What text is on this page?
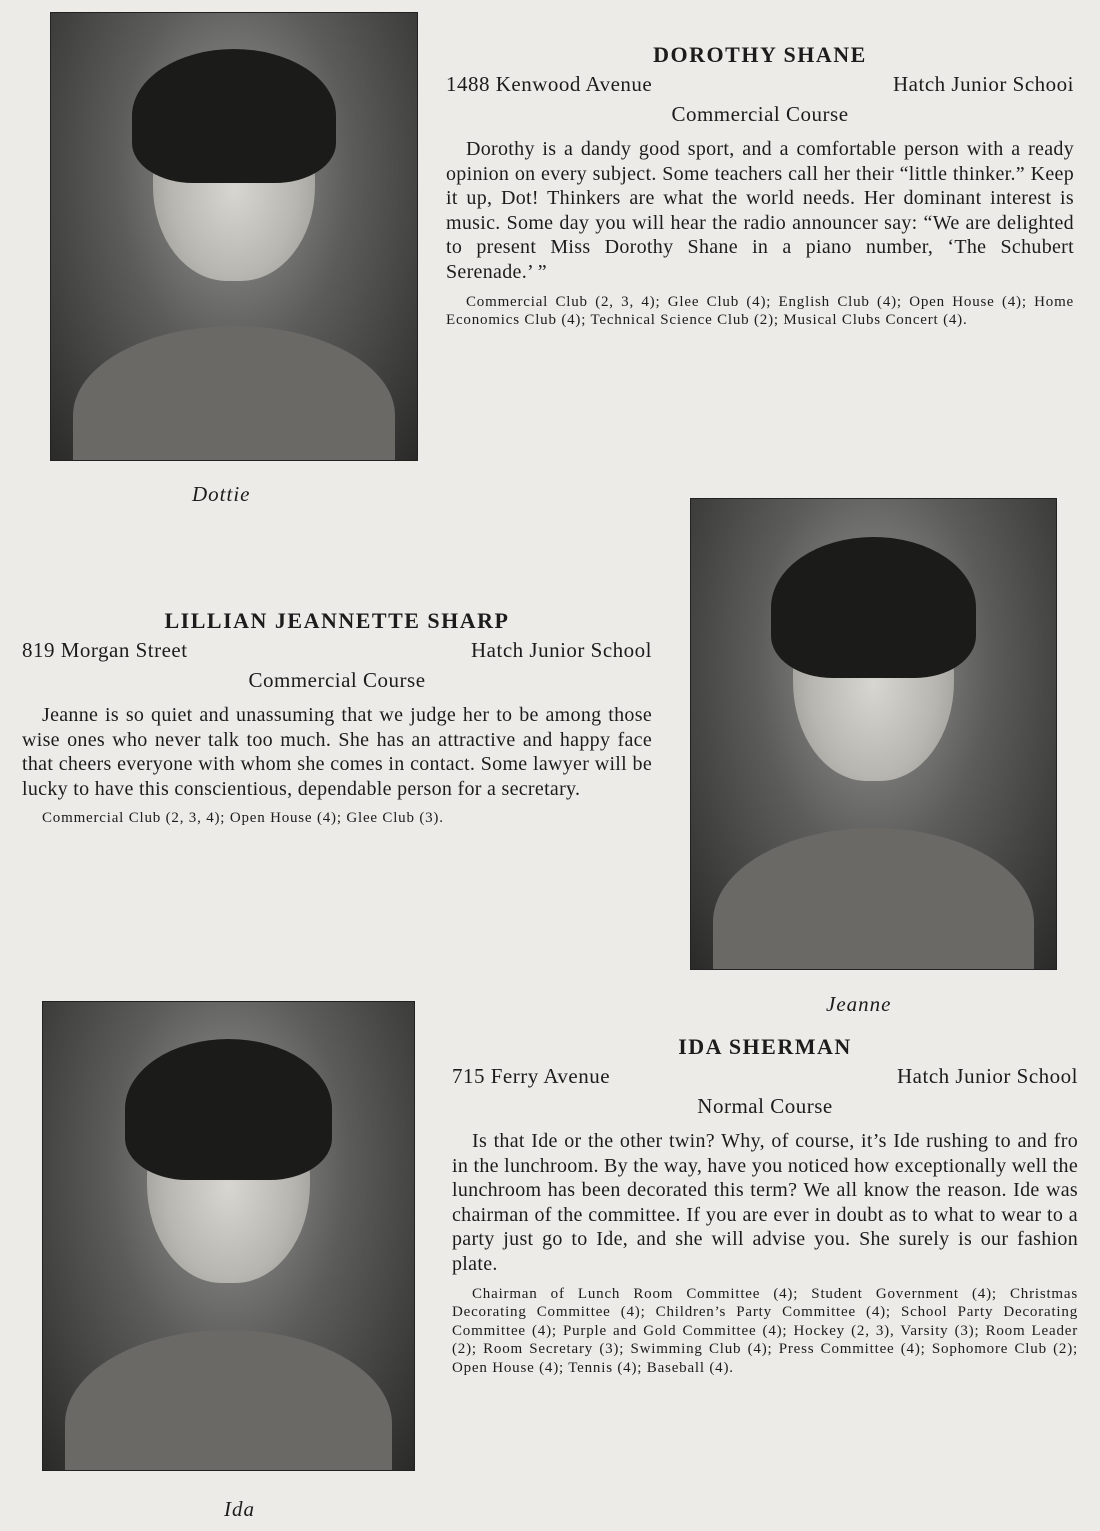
Dottie
DOROTHY SHANE
1488 Kenwood Avenue	Hatch Junior Schooi
Commercial Course

Dorothy is a dandy good sport, and a comfortable person with a ready opinion on every subject. Some teachers call her their “little thinker.” Keep it up, Dot! Thinkers are what the world needs. Her dominant interest is music. Some day you will hear the radio announcer say: “We are delighted to present Miss Dorothy Shane in a piano number, ‘The Schubert Serenade.’ ”

Commercial Club (2, 3, 4); Glee Club (4); English Club (4); Open House (4); Home Economics Club (4); Technical Science Club (2); Musical Clubs Concert (4).

Jeanne
LILLIAN JEANNETTE SHARP
819 Morgan Street	Hatch Junior School
Commercial Course

Jeanne is so quiet and unassuming that we judge her to be among those wise ones who never talk too much. She has an attractive and happy face that cheers everyone with whom she comes in contact. Some lawyer will be lucky to have this conscientious, dependable person for a secretary.

Commercial Club (2, 3, 4); Open House (4); Glee Club (3).

Ida
IDA SHERMAN
715 Ferry Avenue	Hatch Junior School
Normal Course

Is that Ide or the other twin? Why, of course, it’s Ide rushing to and fro in the lunchroom. By the way, have you noticed how exceptionally well the lunchroom has been decorated this term? We all know the reason. Ide was chairman of the committee. If you are ever in doubt as to what to wear to a party just go to Ide, and she will advise you. She surely is our fashion plate.

Chairman of Lunch Room Committee (4); Student Government (4); Christmas Decorating Committee (4); Children’s Party Committee (4); School Party Decorating Committee (4); Purple and Gold Committee (4); Hockey (2, 3), Varsity (3); Room Leader (2); Room Secretary (3); Swimming Club (4); Press Committee (4); Sophomore Club (2); Open House (4); Tennis (4); Baseball (4).
